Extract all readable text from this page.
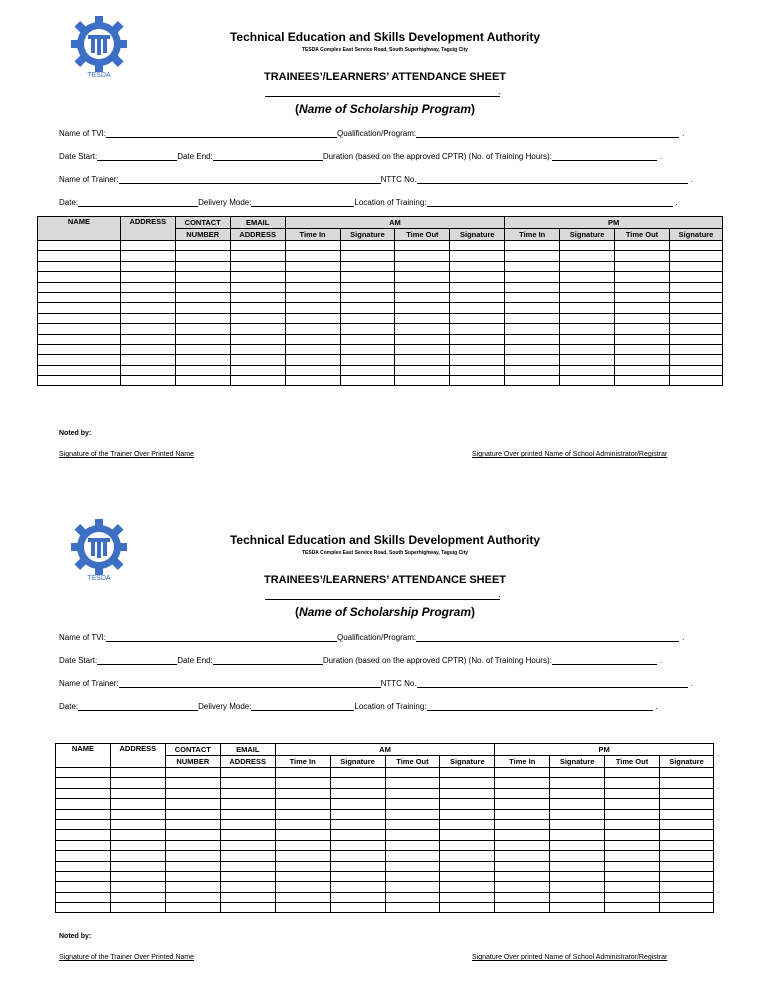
TESDA
Technical Education and Skills Development Authority
TESDA Complex East Service Road, South Superhighway, Taguig City
TRAINEES’/LEARNERS’ ATTENDANCE SHEET
.
(Name of Scholarship Program)
Name of TVI:	Qualification/Program:	.
Date Start:	Date End:	Duration (based on the approved CPTR) (No. of Training Hours):	.
Name of Trainer:	NTTC No.	.
Date:	Delivery Mode:	Location of Training:	.
NAME	ADDRESS	CONTACT	EMAIL	AM				PM			
		NUMBER	ADDRESS	Time In	Signature	Time Out	Signature	Time In	Signature	Time Out	Signature

Noted by:
Signature of the Trainer Over Printed Name	Signature Over printed Name of School Administrator/Registrar
TESDA
Technical Education and Skills Development Authority
TESDA Complex East Service Road, South Superhighway, Taguig City
TRAINEES’/LEARNERS’ ATTENDANCE SHEET
.
(Name of Scholarship Program)
Name of TVI:	Qualification/Program:	.
Date Start:	Date End:	Duration (based on the approved CPTR) (No. of Training Hours):	.
Name of Trainer:	NTTC No.	.
Date:	Delivery Mode:	Location of Training:	.
NAME	ADDRESS	CONTACT	EMAIL	AM				PM			
		NUMBER	ADDRESS	Time In	Signature	Time Out	Signature	Time In	Signature	Time Out	Signature

Noted by:
Signature of the Trainer Over Printed Name	Signature Over printed Name of School Administrator/Registrar
